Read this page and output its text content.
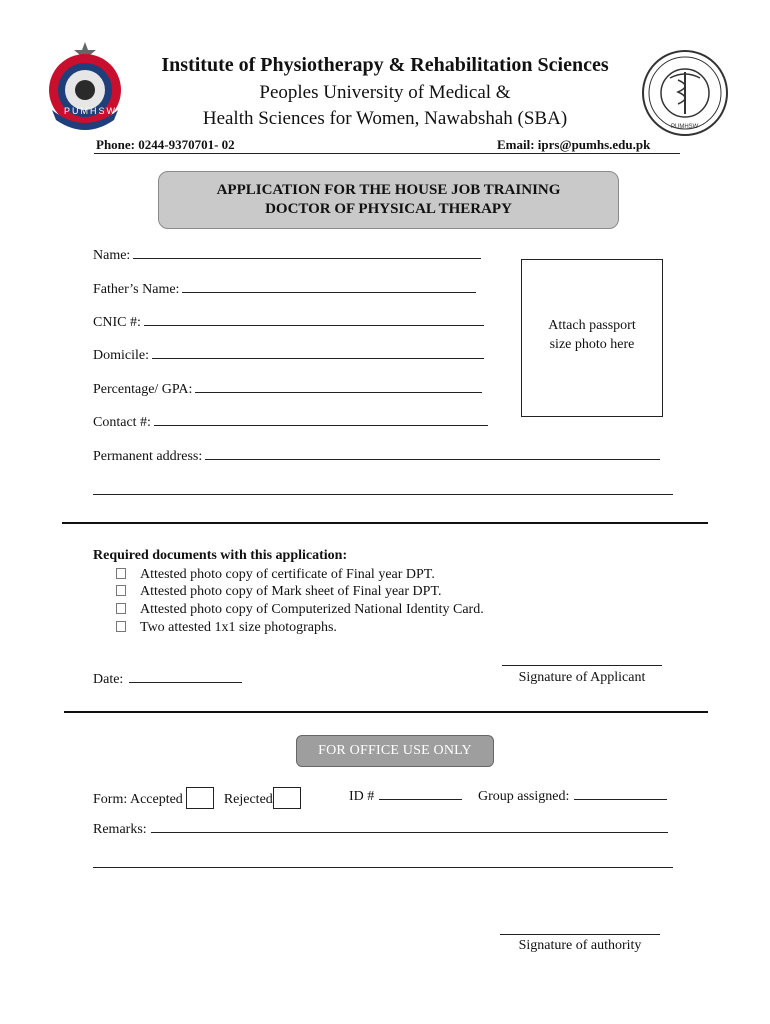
PUMHSW
PUMHSW
Institute of Physiotherapy & Rehabilitation Sciences
Peoples University of Medical &
Health Sciences for Women, Nawabshah (SBA)
Phone: 0244-9370701- 02	Email: iprs@pumhs.edu.pk
APPLICATION FOR THE HOUSE JOB TRAINING
DOCTOR OF PHYSICAL THERAPY
Name:
Father’s Name:
CNIC #:
Domicile:
Percentage/ GPA:
Contact #:
Permanent address:
Attach passport
size photo here
Required documents with this application:
Attested photo copy of certificate of Final year DPT.
Attested photo copy of Mark sheet of Final year DPT.
Attested photo copy of Computerized National Identity Card.
Two attested 1x1 size photographs.
Date:	Signature of Applicant
FOR OFFICE USE ONLY
Form: Accepted	Rejected	ID #	Group assigned:
Remarks:
Signature of authority
